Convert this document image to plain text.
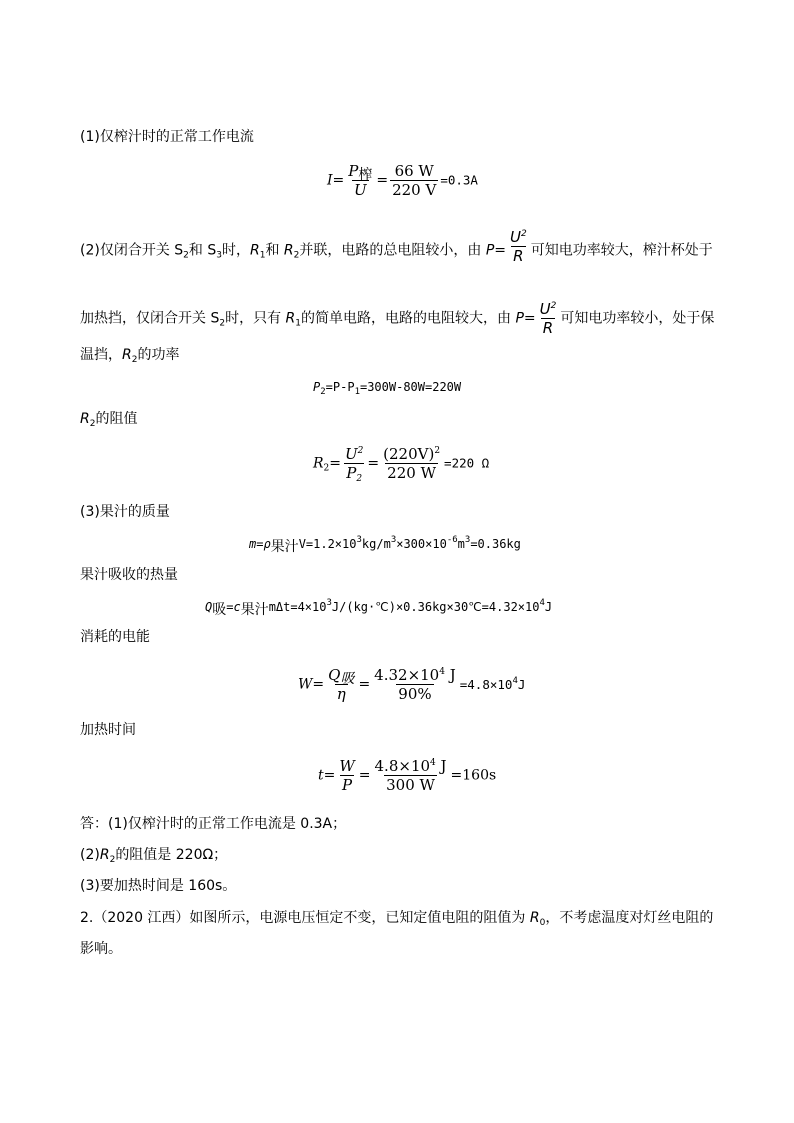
(1)仅榨汁时的正常工作电流
$I= \frac{P_榨}{U} = \frac{66 W}{220 V} =0.3A$
(2)仅闭合开关 $S_2$和 $S_3$时，$R_1$和 $R_2$并联，电路的总电阻较小，由 $P= \frac{U^2}{R}$ 可知电功率较大，榨汁杯处于
加热挡，仅闭合开关 $S_2$时，只有 $R_1$的简单电路，电路的电阻较大，由 $P= \frac{U^2}{R}$ 可知电功率较小，处于保
温挡，$R_2$的功率
$P_2=P-P_1=300W-80W=220W$
$R_2$的阻值
$R_2= \frac{U^2}{P_2} = \frac{(220V)^2}{220 W} =220$ Ω
(3)果汁的质量
$m=\rho_{果汁}V=1.2\times 10^3kg/m^3\times 300\times 10^{-6}m^3=0.36kg$
果汁吸收的热量
$Q_吸=c_{果汁}m\Delta t=4\times 10^3J/(kg\cdot℃)\times 0.36kg\times 30℃=4.32\times 10^4J$
消耗的电能
$W= \frac{Q_吸}{\eta} = \frac{4.32\times 10^4 J}{90\%} =4.8\times 10^4J$
加热时间
$t= \frac{W}{P} = \frac{4.8\times 10^4 J}{300 W} =160s$
答：(1)仅榨汁时的正常工作电流是 0.3A；
$(2)R_2$的阻值是 220Ω；
(3)要加热时间是 160s。
2.（2020 江西）如图所示，电源电压恒定不变，已知定值电阻的阻值为 $R_0$，不考虑温度对灯丝电阻的
影响。
